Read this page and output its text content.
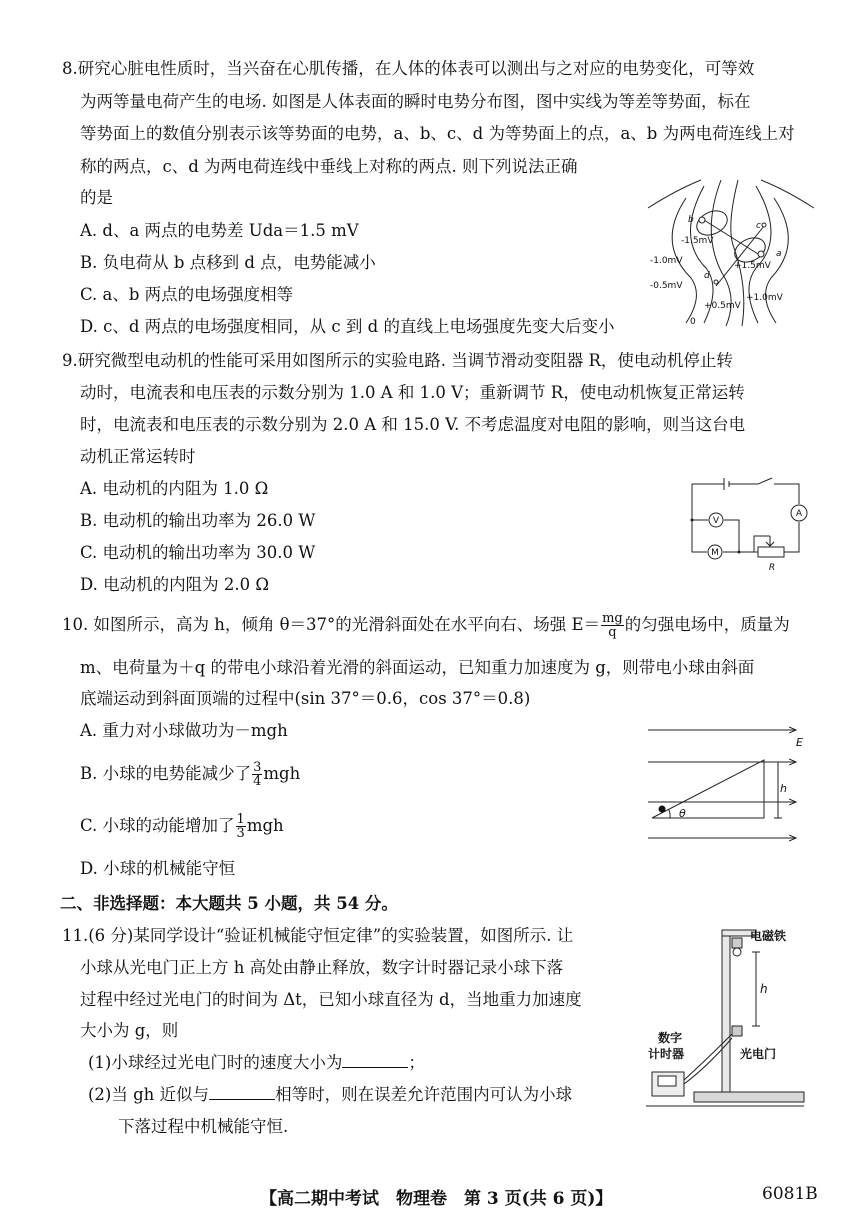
8.研究心脏电性质时，当兴奋在心肌传播，在人体的体表可以测出与之对应的电势变化，可等效
为两等量电荷产生的电场. 如图是人体表面的瞬时电势分布图，图中实线为等差等势面，标在
等势面上的数值分别表示该等势面的电势，a、b、c、d 为等势面上的点，a、b 为两电荷连线上对
称的两点，c、d 为两电荷连线中垂线上对称的两点. 则下列说法正确
的是
A. d、a 两点的电势差 Uda＝1.5 mV
B. 负电荷从 b 点移到 d 点，电势能减小
C. a、b 两点的电场强度相等
D. c、d 两点的电场强度相同，从 c 到 d 的直线上电场强度先变大后变小
-1.5mV
+1.5mV
-1.0mV
+1.0mV
-0.5mV
+0.5mV
0
a
b
c
d
9.研究微型电动机的性能可采用如图所示的实验电路. 当调节滑动变阻器 R，使电动机停止转
动时，电流表和电压表的示数分别为 1.0 A 和 1.0 V；重新调节 R，使电动机恢复正常运转
时，电流表和电压表的示数分别为 2.0 A 和 15.0 V. 不考虑温度对电阻的影响，则当这台电
动机正常运转时
A. 电动机的内阻为 1.0 Ω
B. 电动机的输出功率为 26.0 W
C. 电动机的输出功率为 30.0 W
D. 电动机的内阻为 2.0 Ω
V
A
M
R
10. 如图所示，高为 h，倾角 θ＝37°的光滑斜面处在水平向右、场强 $E= \frac{mg}{q}$ 的匀强电场中，质量为
m、电荷量为＋q 的带电小球沿着光滑的斜面运动，已知重力加速度为 g，则带电小球由斜面
底端运动到斜面顶端的过程中(sin 37°＝0.6，cos 37°＝0.8)
A. 重力对小球做功为－mgh
B. 小球的电势能减少了 $\frac{3}{4}$ mgh
C. 小球的动能增加了 $\frac{1}{3}$ mgh
D. 小球的机械能守恒
E
h
θ
二、非选择题：本大题共 5 小题，共 54 分。
11.(6 分)某同学设计“验证机械能守恒定律”的实验装置，如图所示. 让
小球从光电门正上方 h 高处由静止释放，数字计时器记录小球下落
过程中经过光电门的时间为 Δt，已知小球直径为 d，当地重力加速度
大小为 g，则
(1)小球经过光电门时的速度大小为	；
(2)当 gh 近似与	相等时，则在误差允许范围内可认为小球
下落过程中机械能守恒.
电磁铁
h
数字
计时器	光电门
【高二期中考试　物理卷　第 3 页(共 6 页)】	6081B
